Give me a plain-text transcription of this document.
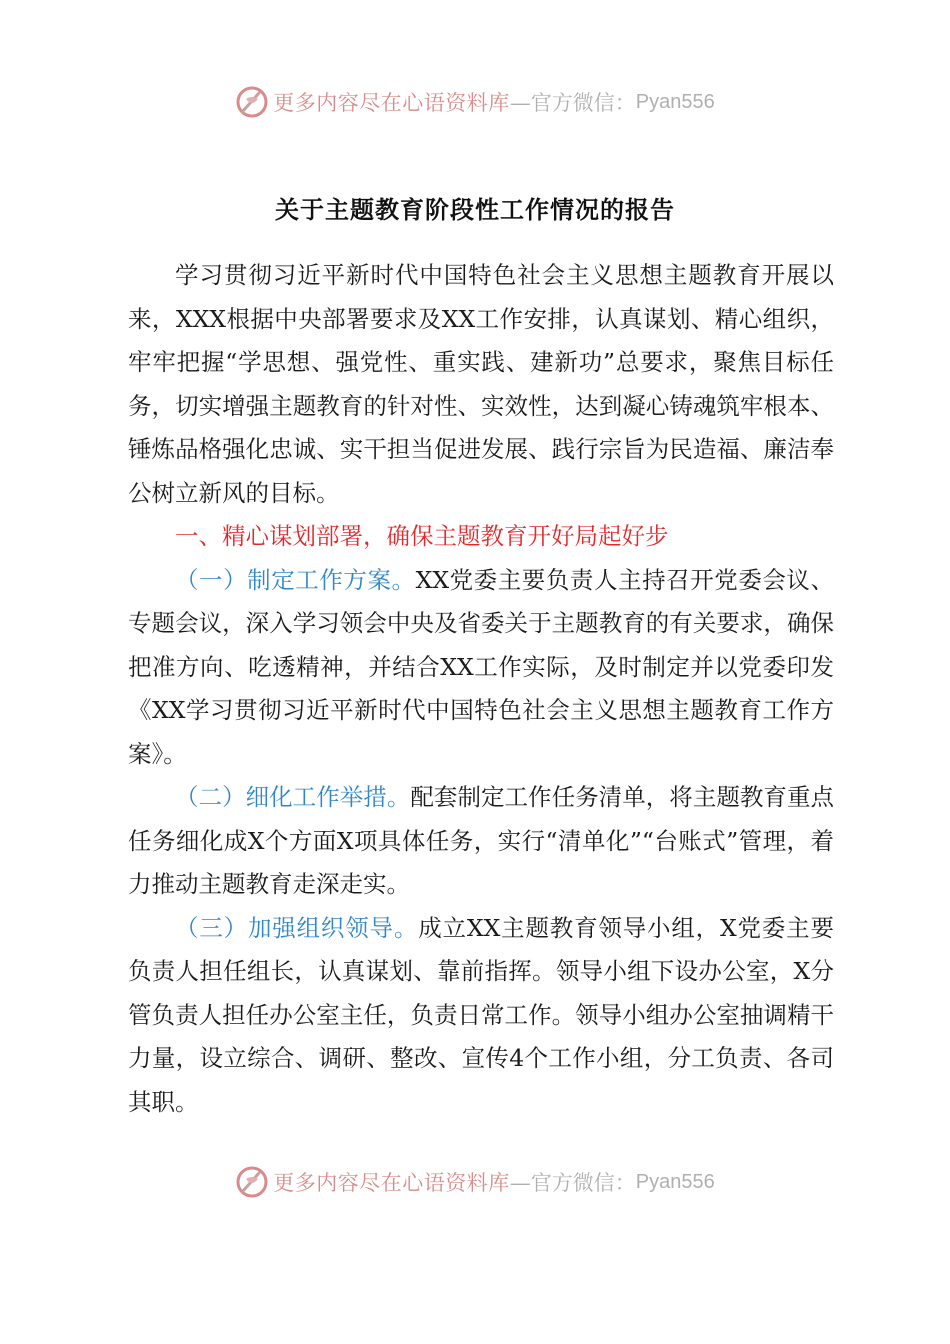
更多内容尽在心语资料库 —官方微信： Pyan556
关于主题教育阶段性工作情况的报告

学习贯彻习近平新时代中国特色社会主义思想主题教育开展以来，XXX根据中央部署要求及XX工作安排，认真谋划、精心组织，牢牢把握“学思想、强党性、重实践、建新功”总要求，聚焦目标任务，切实增强主题教育的针对性、实效性，达到凝心铸魂筑牢根本、锤炼品格强化忠诚、实干担当促进发展、践行宗旨为民造福、廉洁奉公树立新风的目标。

一、精心谋划部署，确保主题教育开好局起好步

（一）制定工作方案。XX党委主要负责人主持召开党委会议、专题会议，深入学习领会中央及省委关于主题教育的有关要求，确保把准方向、吃透精神，并结合XX工作实际，及时制定并以党委印发《XX学习贯彻习近平新时代中国特色社会主义思想主题教育工作方案》。

（二）细化工作举措。配套制定工作任务清单，将主题教育重点任务细化成X个方面X项具体任务，实行“清单化”“台账式”管理，着力推动主题教育走深走实。

（三）加强组织领导。成立XX主题教育领导小组，X党委主要负责人担任组长，认真谋划、靠前指挥。领导小组下设办公室，X分管负责人担任办公室主任，负责日常工作。领导小组办公室抽调精干力量，设立综合、调研、整改、宣传4个工作小组，分工负责、各司其职。

更多内容尽在心语资料库 —官方微信： Pyan556
